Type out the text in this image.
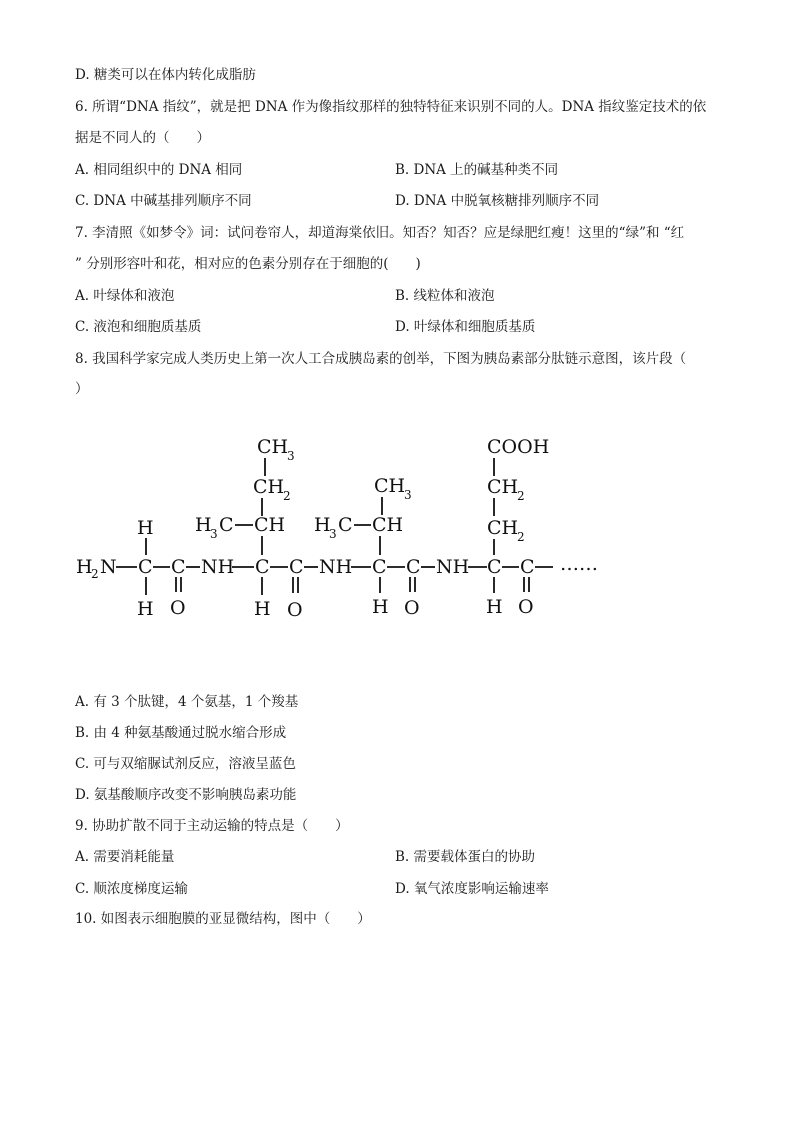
D. 糖类可以在体内转化成脂肪
6. 所谓“DNA 指纹”，就是把 DNA 作为像指纹那样的独特特征来识别不同的人。DNA 指纹鉴定技术的依
据是不同人的（　　）
A. 相同组织中的 DNA 相同	B. DNA 上的碱基种类不同
C. DNA 中碱基排列顺序不同	D. DNA 中脱氧核糖排列顺序不同
7. 李清照《如梦令》词：试问卷帘人，却道海棠依旧。知否？知否？应是绿肥红瘦！这里的“绿”和 “红
” 分别形容叶和花，相对应的色素分别存在于细胞的(　　)
A. 叶绿体和液泡	B. 线粒体和液泡
C. 液泡和细胞质基质	D. 叶绿体和细胞质基质
8. 我国科学家完成人类历史上第一次人工合成胰岛素的创举，下图为胰岛素部分肽链示意图，该片段（
）
H
H
2 N C
H
C
O
NH
CH
3
CH
2
H
3 C CH
C
H
C
O
NH
CH
3
H
3 C CH
C
H
C
O
NH
COOH
CH
2
CH
2
C
H
C
O
……
A. 有 3 个肽键，4 个氨基，1 个羧基
B. 由 4 种氨基酸通过脱水缩合形成
C. 可与双缩脲试剂反应，溶液呈蓝色
D. 氨基酸顺序改变不影响胰岛素功能
9. 协助扩散不同于主动运输的特点是（　　）
A. 需要消耗能量	B. 需要载体蛋白的协助
C. 顺浓度梯度运输	D. 氧气浓度影响运输速率
10. 如图表示细胞膜的亚显微结构，图中（　　）
